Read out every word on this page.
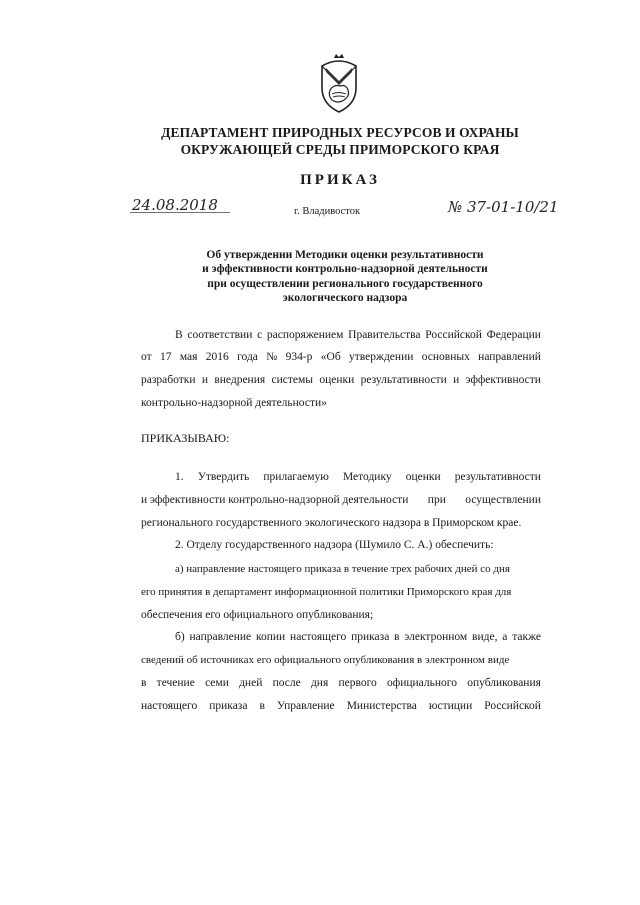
ДЕПАРТАМЕНТ ПРИРОДНЫХ РЕСУРСОВ И ОХРАНЫ
ОКРУЖАЮЩЕЙ СРЕДЫ ПРИМОРСКОГО КРАЯ
ПРИКАЗ
24.08.2018	г. Владивосток	№ 37-01-10/21
Об утверждении Методики оценки результативности
и эффективности контрольно-надзорной деятельности
при осуществлении регионального государственного
экологического надзора
В соответствии с распоряжением Правительства Российской Федерации
от 17 мая 2016 года № 934-р «Об утверждении основных направлений
разработки и внедрения системы оценки результативности и эффективности
контрольно-надзорной деятельности»
ПРИКАЗЫВАЮ:
1. Утвердить прилагаемую Методику оценки результативности
и эффективности контрольно-надзорной деятельности при осуществлении
регионального государственного экологического надзора в Приморском крае.
2. Отделу государственного надзора (Шумило С. А.) обеспечить:
а) направление настоящего приказа в течение трех рабочих дней со дня
его принятия в департамент информационной политики Приморского края для
обеспечения его официального опубликования;
б) направление копии настоящего приказа в электронном виде, а также
сведений об источниках его официального опубликования в электронном виде
в течение семи дней после дня первого официального опубликования
настоящего приказа в Управление Министерства юстиции Российской
